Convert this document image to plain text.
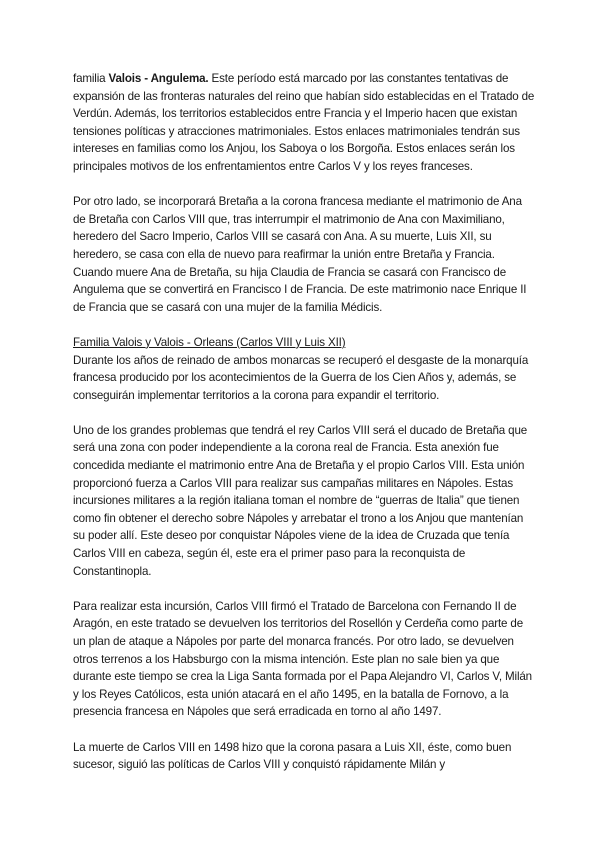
familia Valois - Angulema. Este período está marcado por las constantes tentativas de expansión de las fronteras naturales del reino que habían sido establecidas en el Tratado de Verdún. Además, los territorios establecidos entre Francia y el Imperio hacen que existan tensiones políticas y atracciones matrimoniales. Estos enlaces matrimoniales tendrán sus intereses en familias como los Anjou, los Saboya o los Borgoña. Estos enlaces serán los principales motivos de los enfrentamientos entre Carlos V y los reyes franceses.

Por otro lado, se incorporará Bretaña a la corona francesa mediante el matrimonio de Ana de Bretaña con Carlos VIII que, tras interrumpir el matrimonio de Ana con Maximiliano, heredero del Sacro Imperio, Carlos VIII se casará con Ana. A su muerte, Luis XII, su heredero, se casa con ella de nuevo para reafirmar la unión entre Bretaña y Francia. Cuando muere Ana de Bretaña, su hija Claudia de Francia se casará con Francisco de Angulema que se convertirá en Francisco I de Francia. De este matrimonio nace Enrique II de Francia que se casará con una mujer de la familia Médicis.

Familia Valois y Valois - Orleans (Carlos VIII y Luis XII)

Durante los años de reinado de ambos monarcas se recuperó el desgaste de la monarquía francesa producido por los acontecimientos de la Guerra de los Cien Años y, además, se conseguirán implementar territorios a la corona para expandir el territorio.

Uno de los grandes problemas que tendrá el rey Carlos VIII será el ducado de Bretaña que será una zona con poder independiente a la corona real de Francia. Esta anexión fue concedida mediante el matrimonio entre Ana de Bretaña y el propio Carlos VIII. Esta unión proporcionó fuerza a Carlos VIII para realizar sus campañas militares en Nápoles. Estas incursiones militares a la región italiana toman el nombre de “guerras de Italia” que tienen como fin obtener el derecho sobre Nápoles y arrebatar el trono a los Anjou que mantenían su poder allí. Este deseo por conquistar Nápoles viene de la idea de Cruzada que tenía Carlos VIII en cabeza, según él, este era el primer paso para la reconquista de Constantinopla.

Para realizar esta incursión, Carlos VIII firmó el Tratado de Barcelona con Fernando II de Aragón, en este tratado se devuelven los territorios del Rosellón y Cerdeña como parte de un plan de ataque a Nápoles por parte del monarca francés. Por otro lado, se devuelven otros terrenos a los Habsburgo con la misma intención. Este plan no sale bien ya que durante este tiempo se crea la Liga Santa formada por el Papa Alejandro VI, Carlos V, Milán y los Reyes Católicos, esta unión atacará en el año 1495, en la batalla de Fornovo, a la presencia francesa en Nápoles que será erradicada en torno al año 1497.

La muerte de Carlos VIII en 1498 hizo que la corona pasara a Luis XII, éste, como buen sucesor, siguió las políticas de Carlos VIII y conquistó rápidamente Milán y
